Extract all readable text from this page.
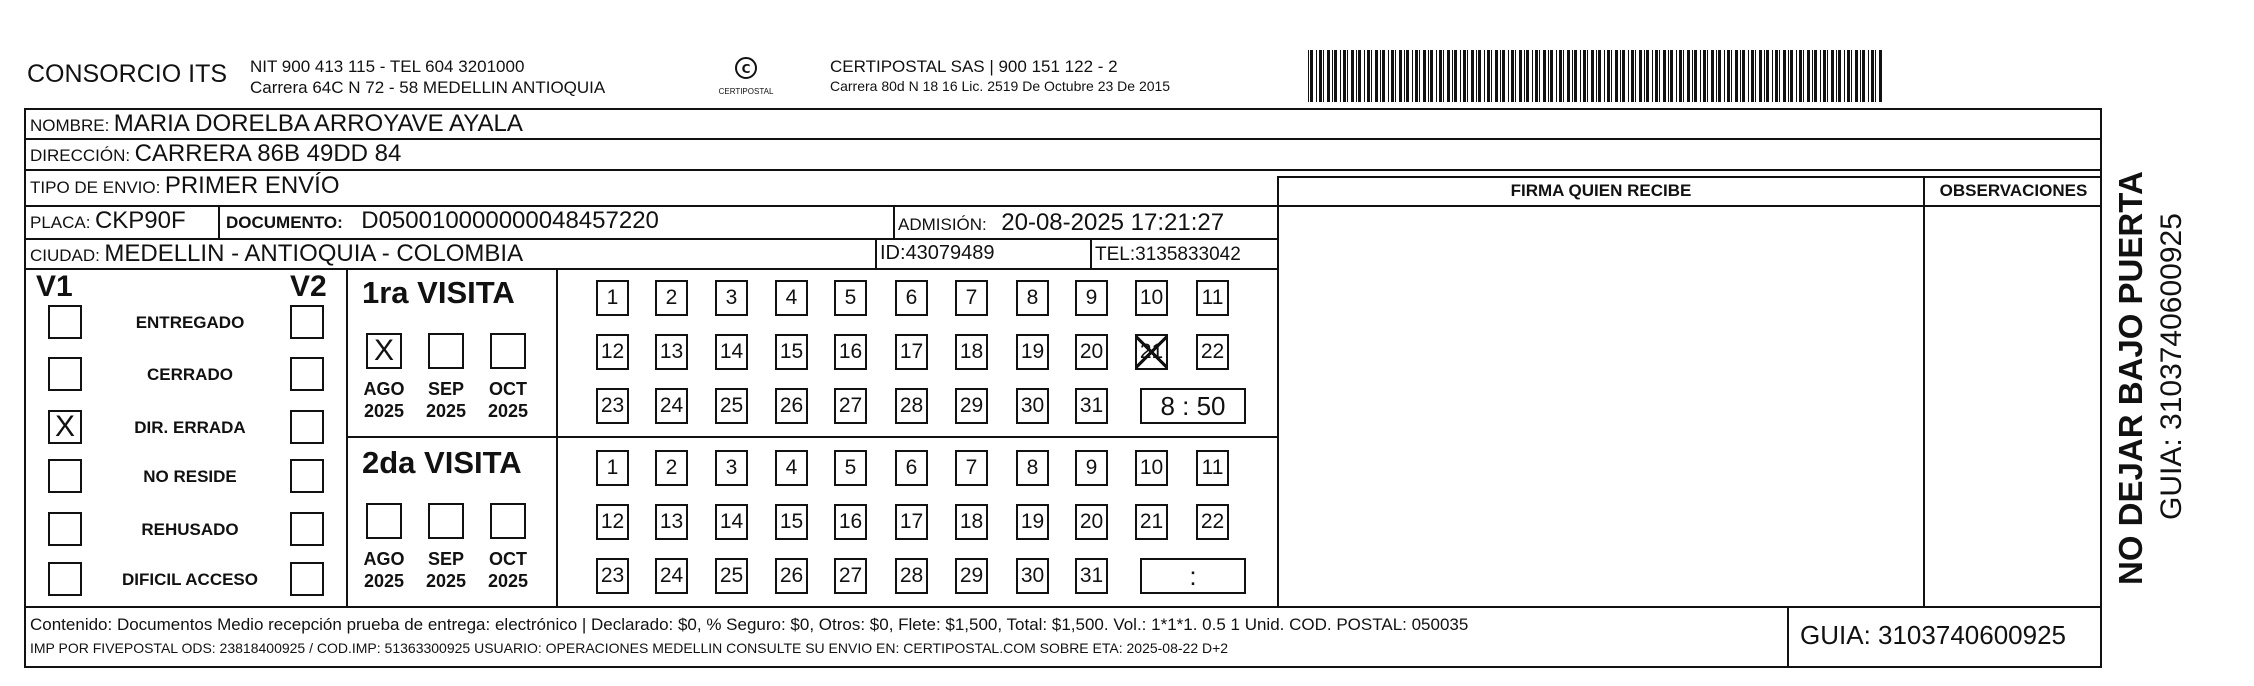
CONSORCIO ITS NIT 900 413 115 - TEL 604 3201000
Carrera 64C N 72 - 58 MEDELLIN ANTIOQUIA
C
CERTIPOSTAL
CERTIPOSTAL SAS | 900 151 122 - 2
Carrera 80d N 18 16 Lic. 2519 De Octubre 23 De 2015
NOMBRE: MARIA DORELBA ARROYAVE AYALA
DIRECCIÓN: CARRERA 86B 49DD 84
TIPO DE ENVIO: PRIMER ENVÍO	FIRMA QUIEN RECIBE	OBSERVACIONES
PLACA: CKP90F DOCUMENTO: D050010000000048457220	ADMISIÓN: 20-08-2025 17:21:27
CIUDAD: MEDELLIN - ANTIOQUIA - COLOMBIA	ID:43079489	TEL:3135833042
V1	V2
ENTREGADO
CERRADO
X	DIR. ERRADA
NO RESIDE
REHUSADO
DIFICIL ACCESO
1ra VISITA
X
AGO
2025
SEP
2025
OCT
2025
1	2	3	4	5	6	7	8	9	10 11
12 13 14 15 16 17 18 19 20 21 22
23 24 25 26 27 28 29 30 31	8 : 50
2da VISITA
AGO
2025
SEP
2025
OCT
2025
1	2	3	4	5	6	7	8	9	10 11
12 13 14 15 16 17 18 19 20 21 22
23 24 25 26 27 28 29 30 31	:
Contenido: Documentos Medio recepción prueba de entrega: electrónico | Declarado: $0, % Seguro: $0, Otros: $0, Flete: $1,500, Total: $1,500. Vol.: 1*1*1. 0.5 1 Unid. COD. POSTAL: 050035
IMP POR FIVEPOSTAL ODS: 23818400925 / COD.IMP: 51363300925 USUARIO: OPERACIONES MEDELLIN CONSULTE SU ENVIO EN: CERTIPOSTAL.COM SOBRE ETA: 2025-08-22 D+2	GUIA: 3103740600925
NO DEJAR BAJO PUERTA GUIA: 3103740600925
